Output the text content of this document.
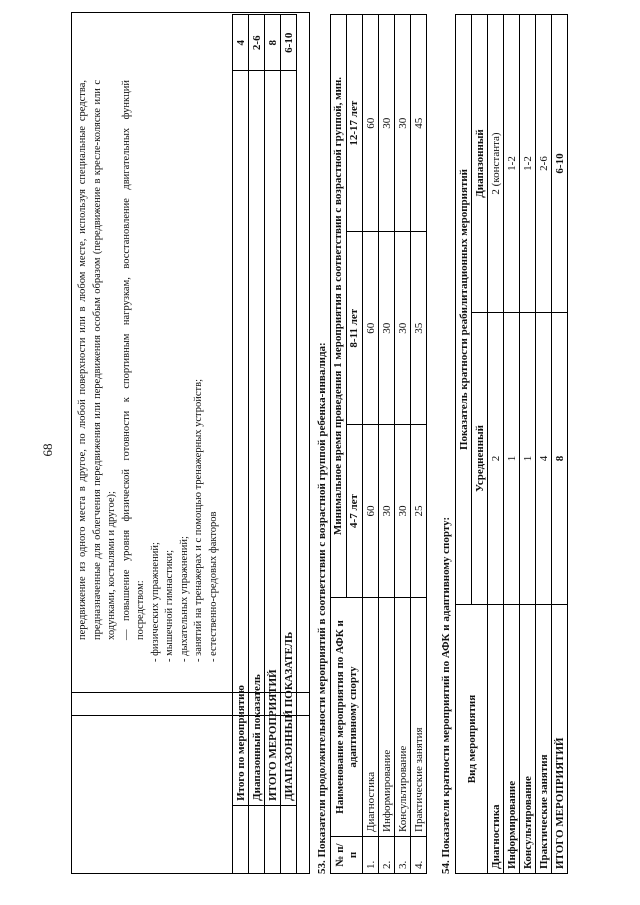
68 передвижение из одного места в другое, по любой поверхности или в любом месте, используя специальные средства, предназначенные для облегчения передвижения или передвижения особым образом (передвижение в кресле-коляске или с ходунками, костылями и другое); — повышение уровня физической готовности к спортивным нагрузкам, восстановление двигательных функций посредством: - физических упражнений; - мышечной гимнастики; - дыхательных упражнений; - занятий на тренажерах и с помощью тренажерных устройств; - естественно-средовых факторов

	Итого по мероприятию	4
	Диапазонный показатель	2-6
	ИТОГО МЕРОПРИЯТИЙ	8
	ДИАПАЗОННЫЙ ПОКАЗАТЕЛЬ	6-10
53. Показатели продолжительности мероприятий в соответствии с возрастной группой ребенка-инвалида: № п/п	Наименование мероприятия по АФК и адаптивному спорту	Минимальное время проведения 1 мероприятия в соответствии с возрастной группой, мин.		
		4-7 лет	8-11 лет	12-17 лет
1.	Диагностика	60	60	60
2.	Информирование	30	30	30
3.	Консультирование	30	30	30
4.	Практические занятия	25	35	45
54. Показатели кратности мероприятий по АФК и адаптивному спорту: Вид мероприятия	Показатель кратности реабилитационных мероприятий	
	Усредненный	Диапазонный
Диагностика	2	2 (константа)
Информирование	1	1-2
Консультирование	1	1-2
Практические занятия	4	2-6
ИТОГО МЕРОПРИЯТИЙ	8	6-10
